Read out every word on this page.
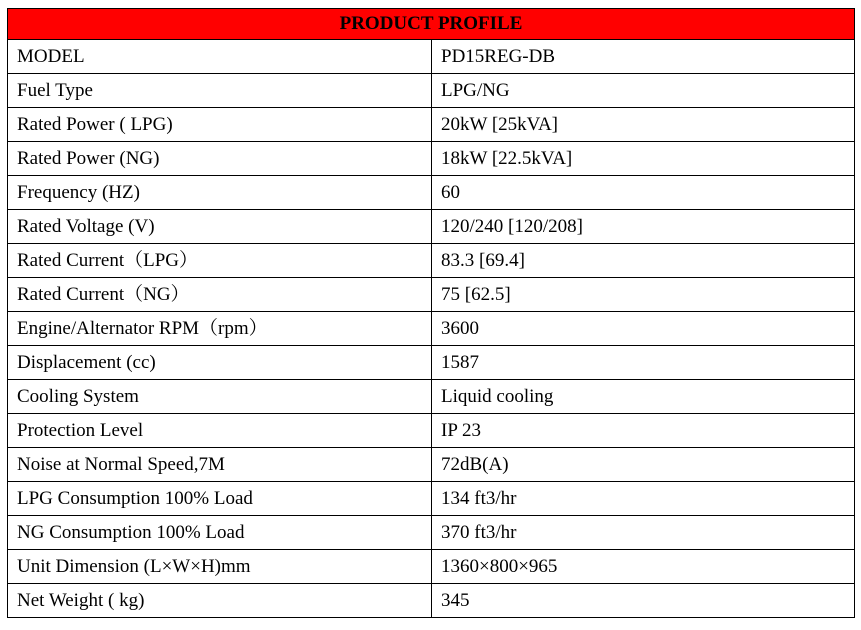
PRODUCT PROFILE	
MODEL	PD15REG-DB
Fuel Type	LPG/NG
Rated Power ( LPG)	20kW [25kVA]
Rated Power (NG)	18kW [22.5kVA]
Frequency (HZ)	60
Rated Voltage (V)	120/240 [120/208]
Rated Current（LPG）	83.3 [69.4]
Rated Current（NG）	75 [62.5]
Engine/Alternator RPM（rpm）	3600
Displacement (cc)	1587
Cooling System	Liquid cooling
Protection Level	IP 23
Noise at Normal Speed,7M	72dB(A)
LPG Consumption 100% Load	134 ft3/hr
NG Consumption 100% Load	370 ft3/hr
Unit Dimension (L×W×H)mm	1360×800×965
Net Weight ( kg)	345
